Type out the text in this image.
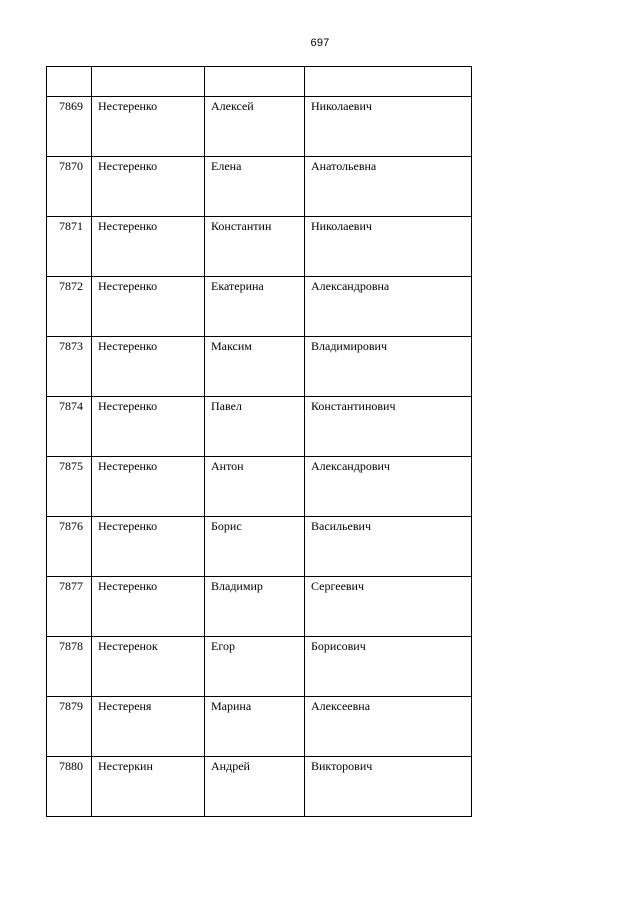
697

7869	Нестеренко	Алексей	Николаевич

7870	Нестеренко	Елена	Анатольевна

7871	Нестеренко	Константин	Николаевич

7872	Нестеренко	Екатерина	Александровна

7873	Нестеренко	Максим	Владимирович

7874	Нестеренко	Павел	Константинович

7875	Нестеренко	Антон	Александрович

7876	Нестеренко	Борис	Васильевич

7877	Нестеренко	Владимир	Сергеевич

7878	Нестеренок	Егор	Борисович

7879	Нестереня	Марина	Алексеевна

7880	Нестеркин	Андрей	Викторович
